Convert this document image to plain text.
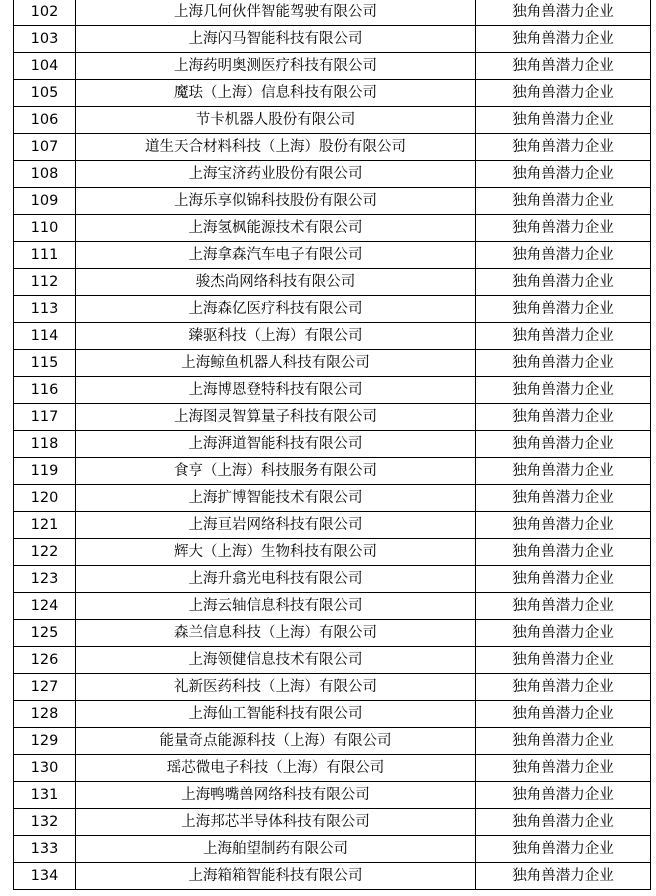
102	上海几何伙伴智能驾驶有限公司	独角兽潜力企业
103	上海闪马智能科技有限公司	独角兽潜力企业
104	上海药明奥测医疗科技有限公司	独角兽潜力企业
105	魔珐（上海）信息科技有限公司	独角兽潜力企业
106	节卡机器人股份有限公司	独角兽潜力企业
107	道生天合材料科技（上海）股份有限公司	独角兽潜力企业
108	上海宝济药业股份有限公司	独角兽潜力企业
109	上海乐享似锦科技股份有限公司	独角兽潜力企业
110	上海氢枫能源技术有限公司	独角兽潜力企业
111	上海拿森汽车电子有限公司	独角兽潜力企业
112	骏杰尚网络科技有限公司	独角兽潜力企业
113	上海森亿医疗科技有限公司	独角兽潜力企业
114	臻驱科技（上海）有限公司	独角兽潜力企业
115	上海鲸鱼机器人科技有限公司	独角兽潜力企业
116	上海博恩登特科技有限公司	独角兽潜力企业
117	上海图灵智算量子科技有限公司	独角兽潜力企业
118	上海湃道智能科技有限公司	独角兽潜力企业
119	食亨（上海）科技服务有限公司	独角兽潜力企业
120	上海扩博智能技术有限公司	独角兽潜力企业
121	上海亘岩网络科技有限公司	独角兽潜力企业
122	辉大（上海）生物科技有限公司	独角兽潜力企业
123	上海升翕光电科技有限公司	独角兽潜力企业
124	上海云轴信息科技有限公司	独角兽潜力企业
125	森兰信息科技（上海）有限公司	独角兽潜力企业
126	上海领健信息技术有限公司	独角兽潜力企业
127	礼新医药科技（上海）有限公司	独角兽潜力企业
128	上海仙工智能科技有限公司	独角兽潜力企业
129	能量奇点能源科技（上海）有限公司	独角兽潜力企业
130	瑶芯微电子科技（上海）有限公司	独角兽潜力企业
131	上海鸭嘴兽网络科技有限公司	独角兽潜力企业
132	上海邦芯半导体科技有限公司	独角兽潜力企业
133	上海舶望制药有限公司	独角兽潜力企业
134	上海箱箱智能科技有限公司	独角兽潜力企业
